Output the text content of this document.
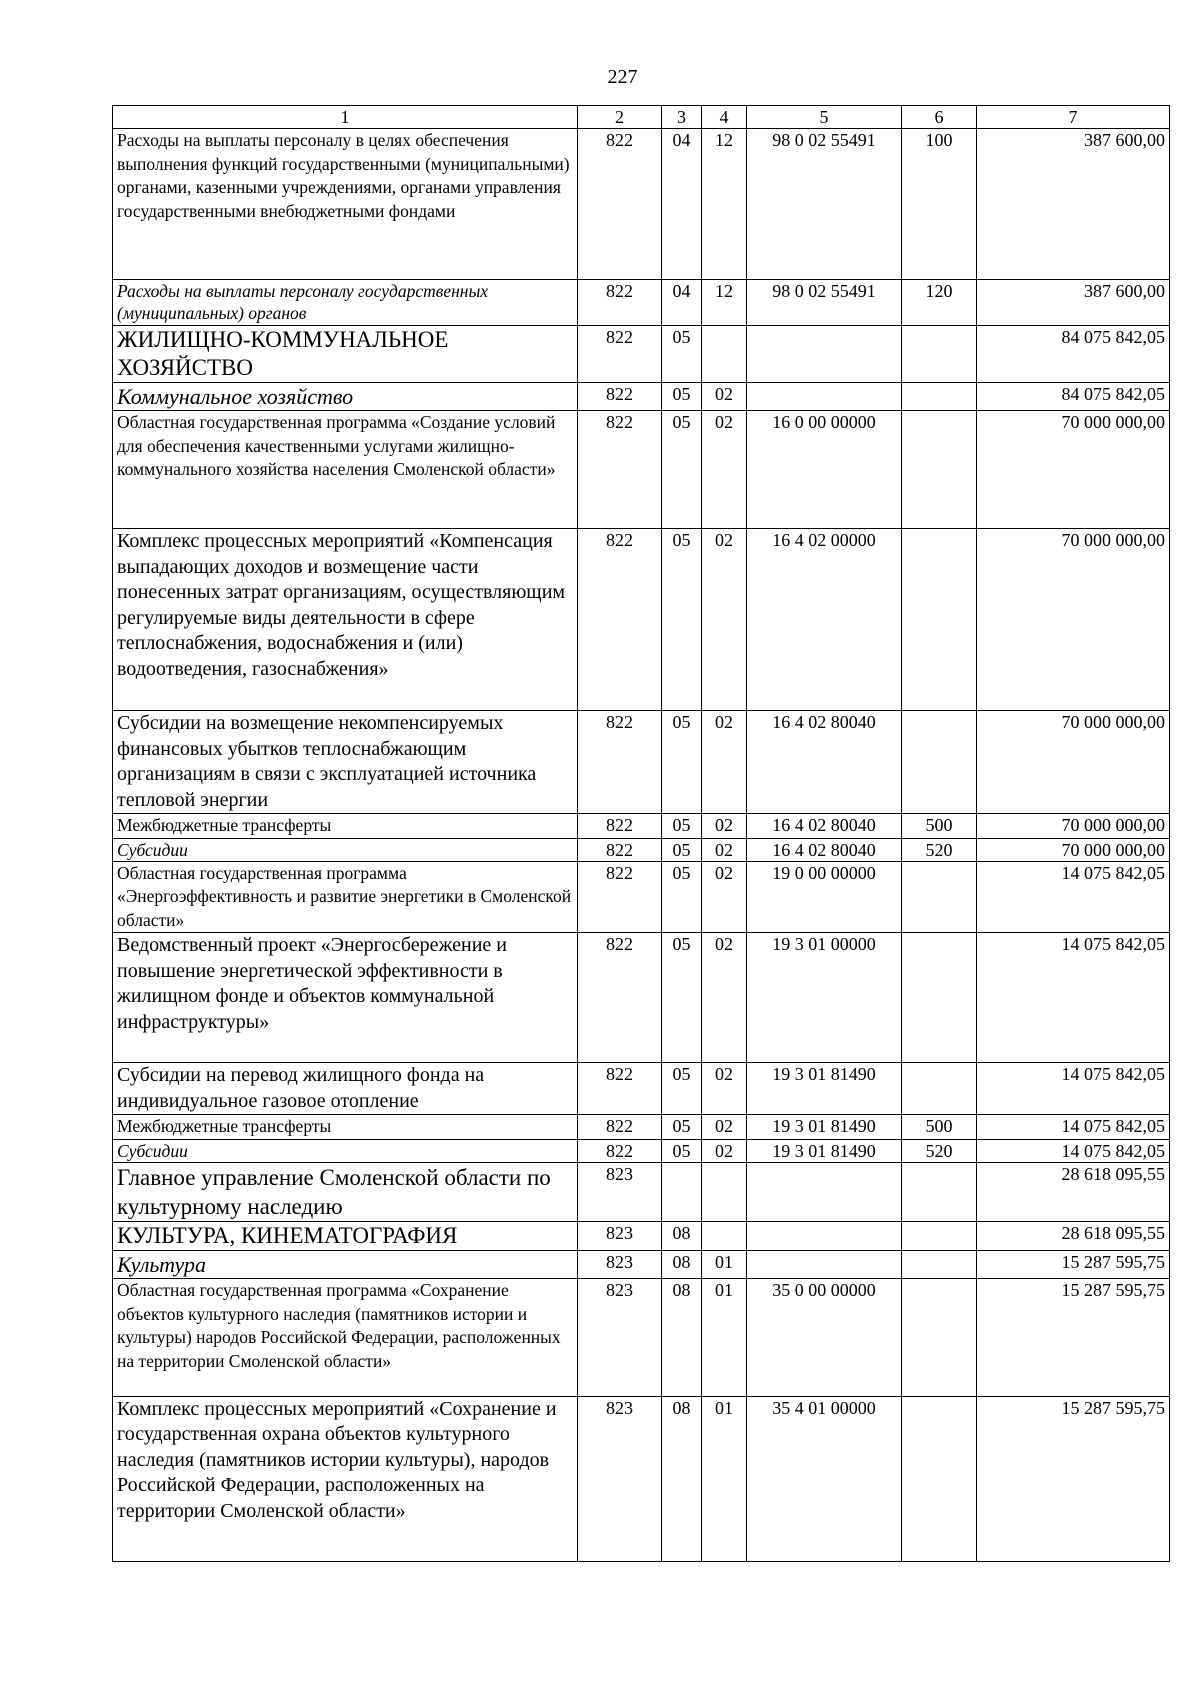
227
1	2	3	4	5	6	7
Расходы на выплаты персоналу в целях обеспечения выполнения функций государственными (муниципальными) органами, казенными учреждениями, органами управления государственными внебюджетными фондами	822	04	12	98 0 02 55491	100	387 600,00
Расходы на выплаты персоналу государственных (муниципальных) органов	822	04	12	98 0 02 55491	120	387 600,00
ЖИЛИЩНО-КОММУНАЛЬНОЕ ХОЗЯЙСТВО	822	05				84 075 842,05
Коммунальное хозяйство	822	05	02			84 075 842,05
Областная государственная программа «Создание условий для обеспечения качественными услугами жилищно-коммунального хозяйства населения Смоленской области»	822	05	02	16 0 00 00000		70 000 000,00
Комплекс процессных мероприятий «Компенсация выпадающих доходов и возмещение части понесенных затрат организациям, осуществляющим регулируемые виды деятельности в сфере теплоснабжения, водоснабжения и (или) водоотведения, газоснабжения»	822	05	02	16 4 02 00000		70 000 000,00
Субсидии на возмещение некомпенсируемых финансовых убытков теплоснабжающим организациям в связи с эксплуатацией источника тепловой энергии	822	05	02	16 4 02 80040		70 000 000,00
Межбюджетные трансферты	822	05	02	16 4 02 80040	500	70 000 000,00
Субсидии	822	05	02	16 4 02 80040	520	70 000 000,00
Областная государственная программа «Энергоэффективность и развитие энергетики в Смоленской области»	822	05	02	19 0 00 00000		14 075 842,05
Ведомственный проект «Энергосбережение и повышение энергетической эффективности в жилищном фонде и объектов коммунальной инфраструктуры»	822	05	02	19 3 01 00000		14 075 842,05
Субсидии на перевод жилищного фонда на индивидуальное газовое отопление	822	05	02	19 3 01 81490		14 075 842,05
Межбюджетные трансферты	822	05	02	19 3 01 81490	500	14 075 842,05
Субсидии	822	05	02	19 3 01 81490	520	14 075 842,05
Главное управление Смоленской области по культурному наследию	823					28 618 095,55
КУЛЬТУРА, КИНЕМАТОГРАФИЯ	823	08				28 618 095,55
Культура	823	08	01			15 287 595,75
Областная государственная программа «Сохранение объектов культурного наследия (памятников истории и культуры) народов Российской Федерации, расположенных на территории Смоленской области»	823	08	01	35 0 00 00000		15 287 595,75
Комплекс процессных мероприятий «Сохранение и государственная охрана объектов культурного наследия (памятников истории культуры), народов Российской Федерации, расположенных на территории Смоленской области»	823	08	01	35 4 01 00000		15 287 595,75
